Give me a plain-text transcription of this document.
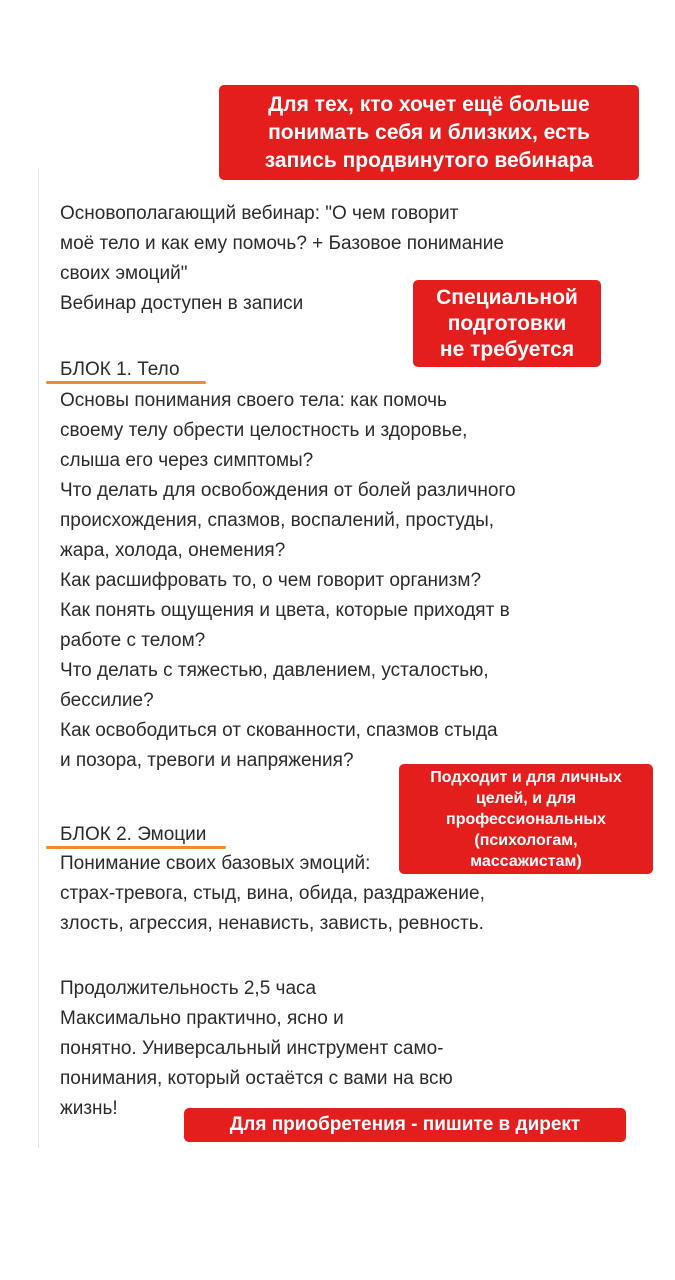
Основополагающий вебинар: "О чем говорит
моё тело и как ему помочь? + Базовое понимание
своих эмоций"
Вебинар доступен в записи
БЛОК 1. Тело
Основы понимания своего тела: как помочь
своему телу обрести целостность и здоровье,
слыша его через симптомы?
Что делать для освобождения от болей различного
происхождения, спазмов, воспалений, простуды,
жара, холода, онемения?
Как расшифровать то, о чем говорит организм?
Как понять ощущения и цвета, которые приходят в
работе с телом?
Что делать с тяжестью, давлением, усталостью,
бессилие?
Как освободиться от скованности, спазмов стыда
и позора, тревоги и напряжения?
БЛОК 2. Эмоции
Понимание своих базовых эмоций:
страх-тревога, стыд, вина, обида, раздражение,
злость, агрессия, ненависть, зависть, ревность.
Продолжительность 2,5 часа
Максимально практично, ясно и
понятно. Универсальный инструмент само-
понимания, который остаётся с вами на всю
жизнь!
Для тех, кто хочет ещё больше
понимать себя и близких, есть
запись продвинутого вебинара
Специальной
подготовки
не требуется
Подходит и для личных
целей, и для
профессиональных
(психологам,
массажистам)
Для приобретения - пишите в директ
